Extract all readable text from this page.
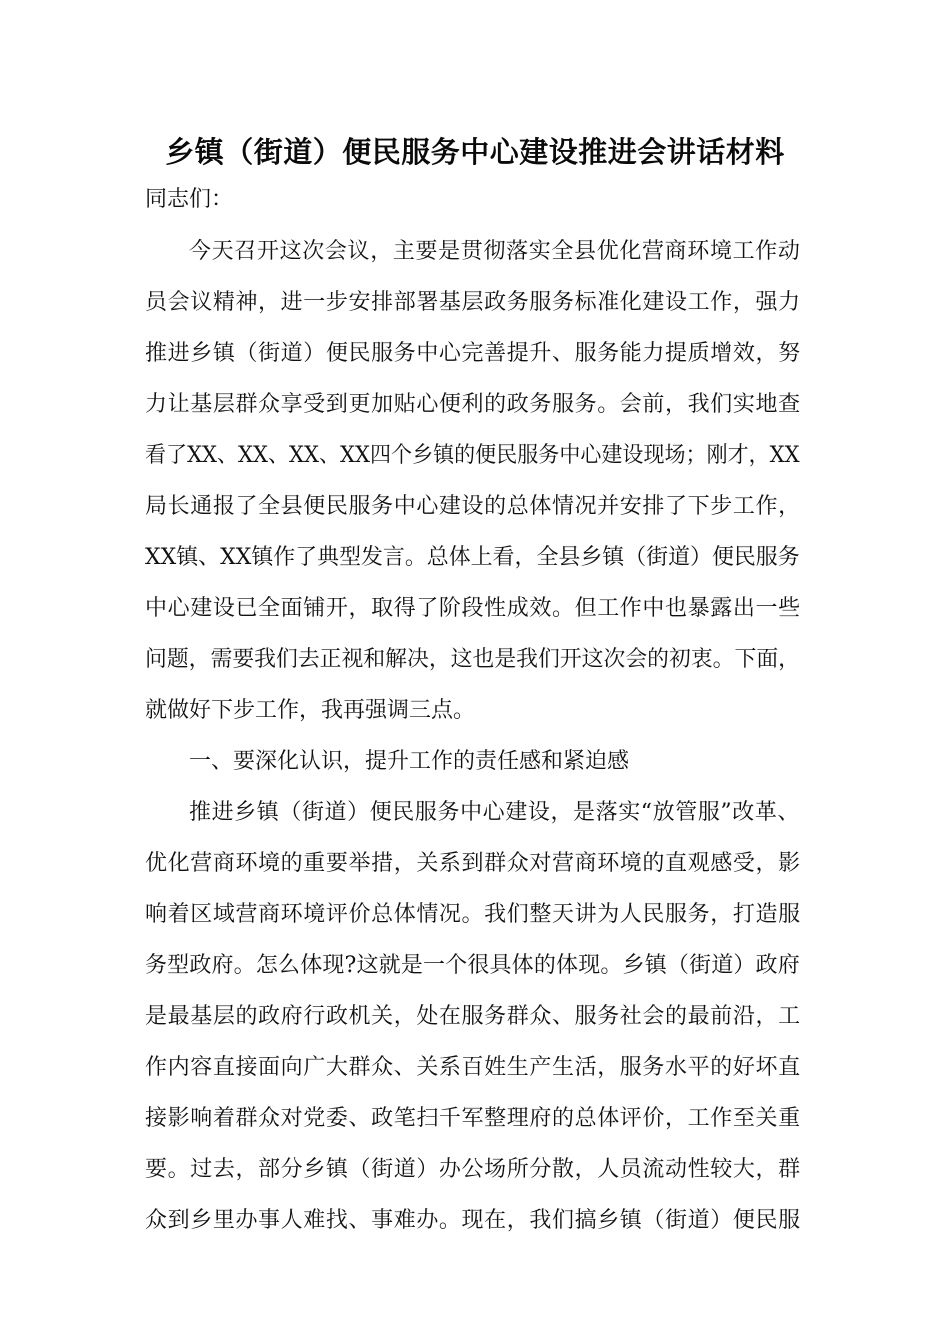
乡镇（街道）便民服务中心建设推进会讲话材料
同志们：
今天召开这次会议，主要是贯彻落实全县优化营商环境工作动
员会议精神，进一步安排部署基层政务服务标准化建设工作，强力
推进乡镇（街道）便民服务中心完善提升、服务能力提质增效，努
力让基层群众享受到更加贴心便利的政务服务。会前，我们实地查
看了XX、XX、XX、XX四个乡镇的便民服务中心建设现场；刚才，XX
局长通报了全县便民服务中心建设的总体情况并安排了下步工作，
XX镇、XX镇作了典型发言。总体上看，全县乡镇（街道）便民服务
中心建设已全面铺开，取得了阶段性成效。但工作中也暴露出一些
问题，需要我们去正视和解决，这也是我们开这次会的初衷。下面，
就做好下步工作，我再强调三点。
一、要深化认识，提升工作的责任感和紧迫感
推进乡镇（街道）便民服务中心建设，是落实“放管服”改革、
优化营商环境的重要举措，关系到群众对营商环境的直观感受，影
响着区域营商环境评价总体情况。我们整天讲为人民服务，打造服
务型政府。怎么体现?这就是一个很具体的体现。乡镇（街道）政府
是最基层的政府行政机关，处在服务群众、服务社会的最前沿，工
作内容直接面向广大群众、关系百姓生产生活，服务水平的好坏直
接影响着群众对党委、政笔扫千军整理府的总体评价，工作至关重
要。过去，部分乡镇（街道）办公场所分散，人员流动性较大，群
众到乡里办事人难找、事难办。现在，我们搞乡镇（街道）便民服
